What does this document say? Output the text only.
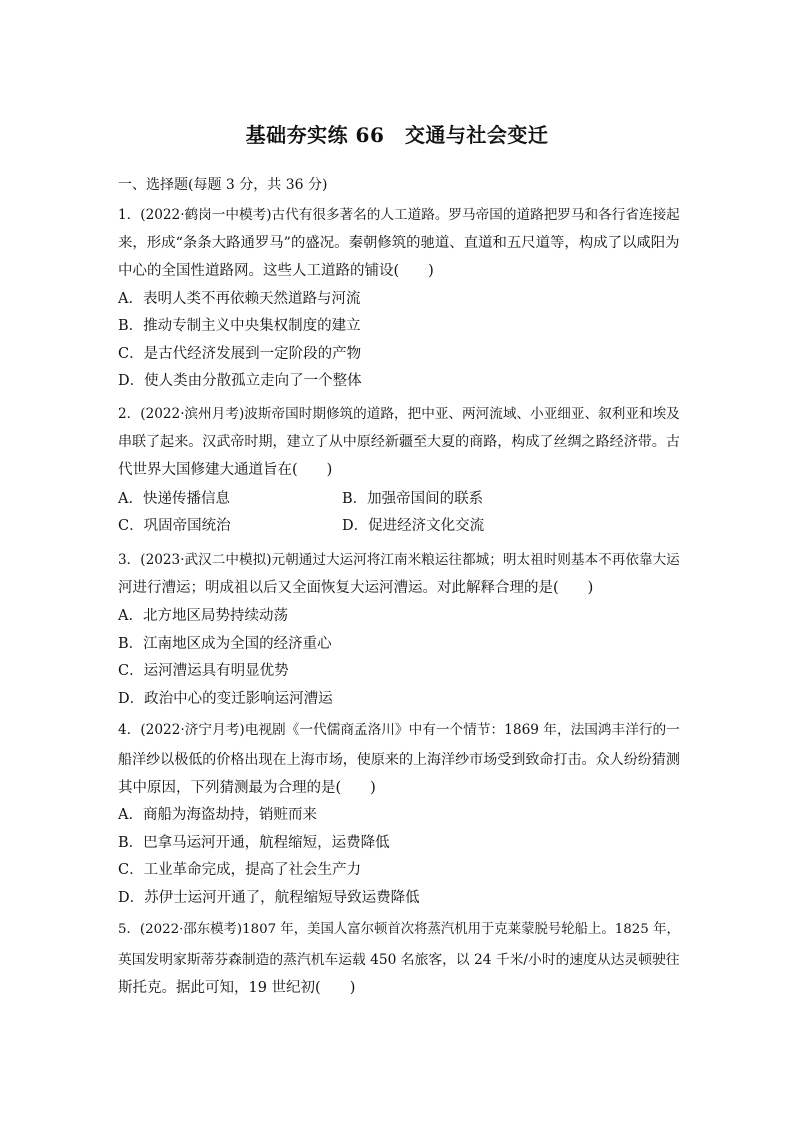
基础夯实练 66　交通与社会变迁
一、选择题(每题 3 分，共 36 分)
1．(2022·鹤岗一中模考)古代有很多著名的人工道路。罗马帝国的道路把罗马和各行省连接起
来，形成“条条大路通罗马”的盛况。秦朝修筑的驰道、直道和五尺道等，构成了以咸阳为
中心的全国性道路网。这些人工道路的铺设(　　)
A．表明人类不再依赖天然道路与河流
B．推动专制主义中央集权制度的建立
C．是古代经济发展到一定阶段的产物
D．使人类由分散孤立走向了一个整体
2．(2022·滨州月考)波斯帝国时期修筑的道路，把中亚、两河流域、小亚细亚、叙利亚和埃及
串联了起来。汉武帝时期，建立了从中原经新疆至大夏的商路，构成了丝绸之路经济带。古
代世界大国修建大通道旨在(　　)
A．快递传播信息	B．加强帝国间的联系
C．巩固帝国统治	D．促进经济文化交流
3．(2023·武汉二中模拟)元朝通过大运河将江南米粮运往都城；明太祖时则基本不再依靠大运
河进行漕运；明成祖以后又全面恢复大运河漕运。对此解释合理的是(　　)
A．北方地区局势持续动荡
B．江南地区成为全国的经济重心
C．运河漕运具有明显优势
D．政治中心的变迁影响运河漕运
4．(2022·济宁月考)电视剧《一代儒商孟洛川》中有一个情节：1869 年，法国鸿丰洋行的一
船洋纱以极低的价格出现在上海市场，使原来的上海洋纱市场受到致命打击。众人纷纷猜测
其中原因，下列猜测最为合理的是(　　)
A．商船为海盗劫持，销赃而来
B．巴拿马运河开通，航程缩短，运费降低
C．工业革命完成，提高了社会生产力
D．苏伊士运河开通了，航程缩短导致运费降低
5．(2022·邵东模考)1807 年，美国人富尔顿首次将蒸汽机用于克莱蒙脱号轮船上。1825 年，
英国发明家斯蒂芬森制造的蒸汽机车运载 450 名旅客，以 24 千米/小时的速度从达灵顿驶往
斯托克。据此可知，19 世纪初(　　)
